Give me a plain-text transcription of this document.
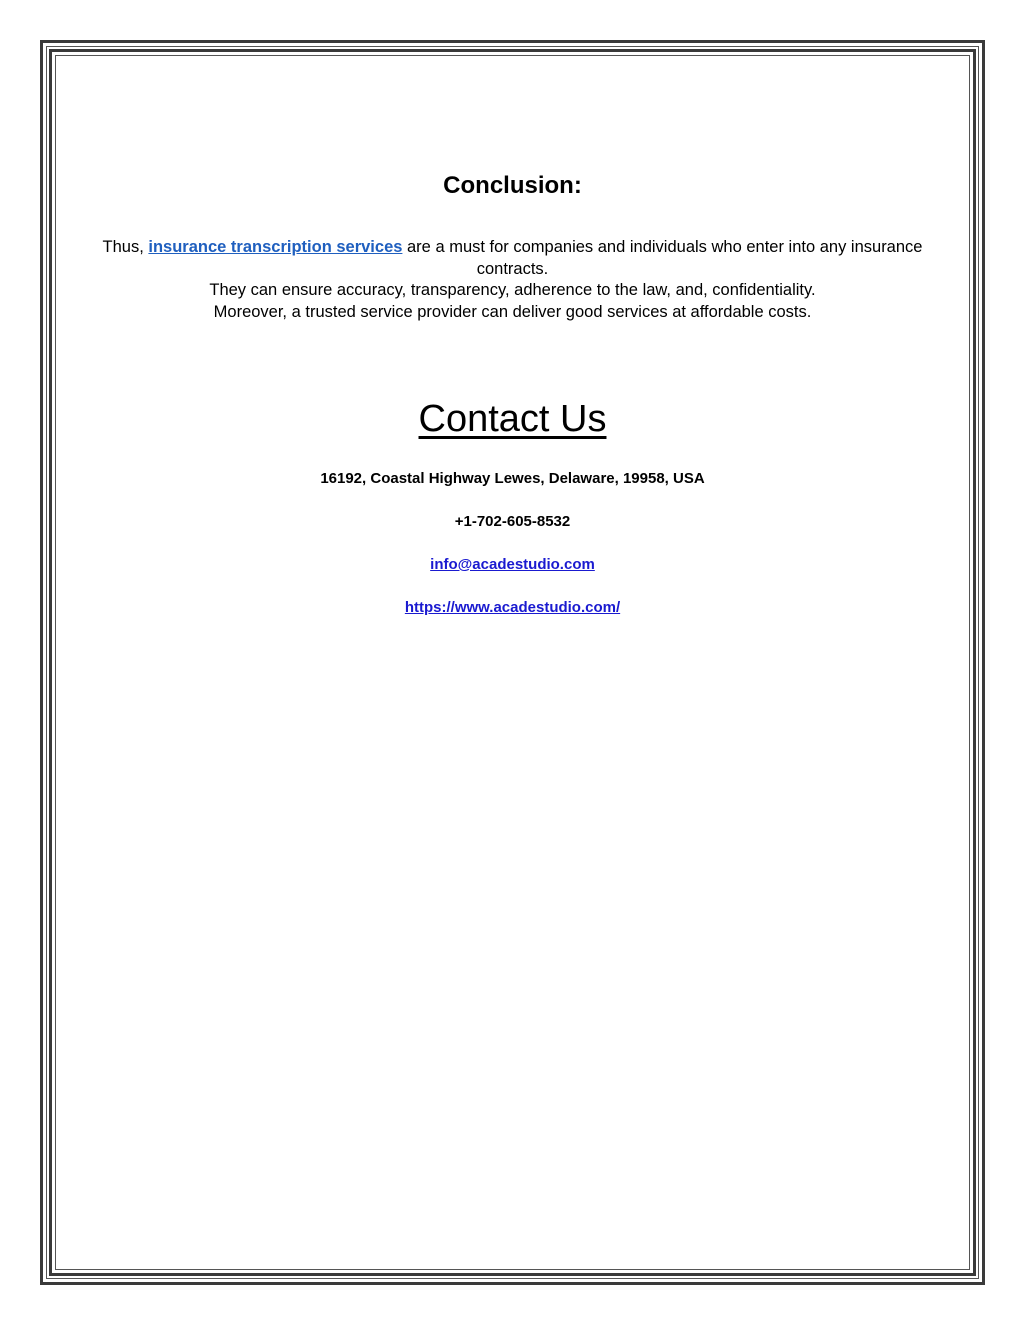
Conclusion:

Thus, insurance transcription services are a must for companies and individuals who enter into any insurance contracts.
They can ensure accuracy, transparency, adherence to the law, and, confidentiality.
Moreover, a trusted service provider can deliver good services at affordable costs.

Contact Us

16192, Coastal Highway Lewes, Delaware, 19958, USA

+1-702-605-8532

info@acadestudio.com

https://www.acadestudio.com/
